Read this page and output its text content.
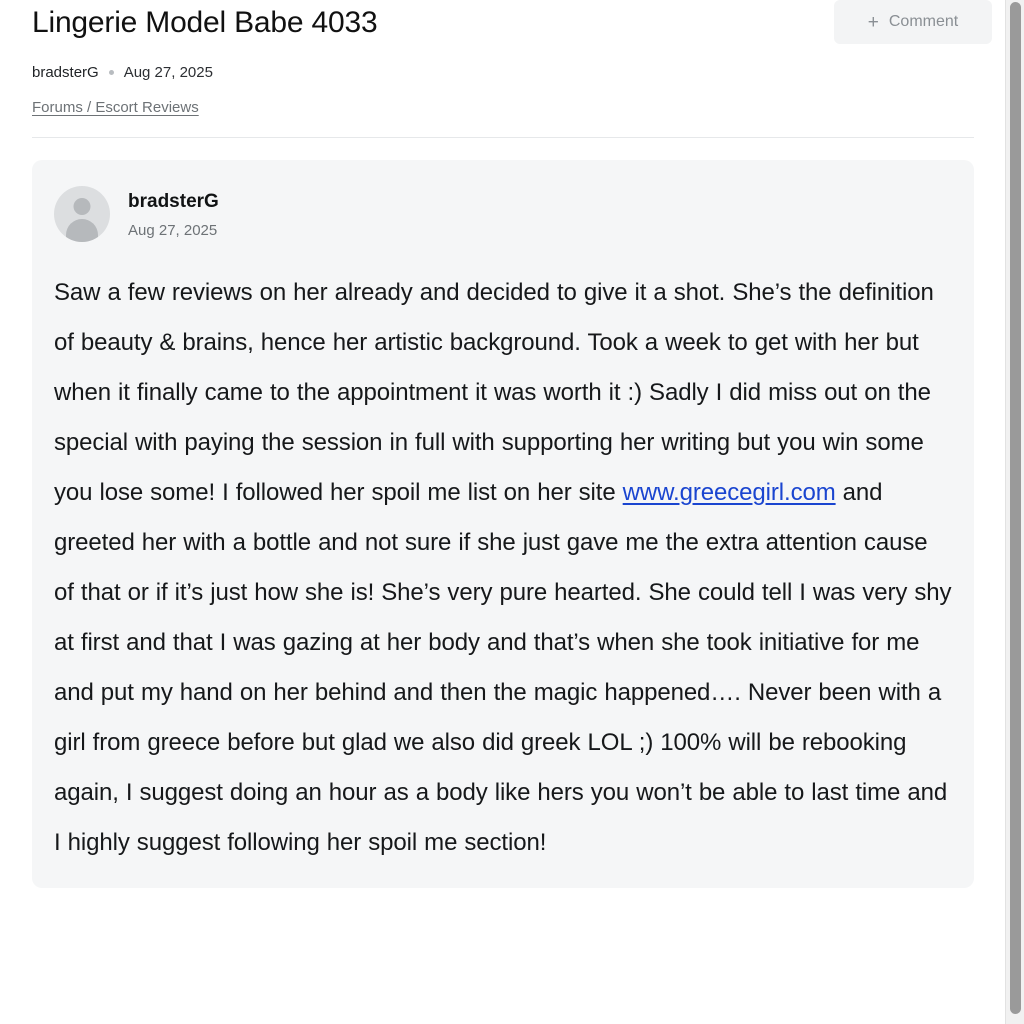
+ Comment
Lingerie Model Babe 4033
bradsterG Aug 27, 2025
Forums / Escort Reviews
bradsterG
Aug 27, 2025
Saw a few reviews on her already and decided to give it a shot. She’s the definition of beauty & brains, hence her artistic background. Took a week to get with her but when it finally came to the appointment it was worth it :) Sadly I did miss out on the special with paying the session in full with supporting her writing but you win some you lose some! I followed her spoil me list on her site www.greecegirl.com and greeted her with a bottle and not sure if she just gave me the extra attention cause of that or if it’s just how she is! She’s very pure hearted. She could tell I was very shy at first and that I was gazing at her body and that’s when she took initiative for me and put my hand on her behind and then the magic happened…. Never been with a girl from greece before but glad we also did greek LOL ;) 100% will be rebooking again, I suggest doing an hour as a body like hers you won’t be able to last time and I highly suggest following her spoil me section!
